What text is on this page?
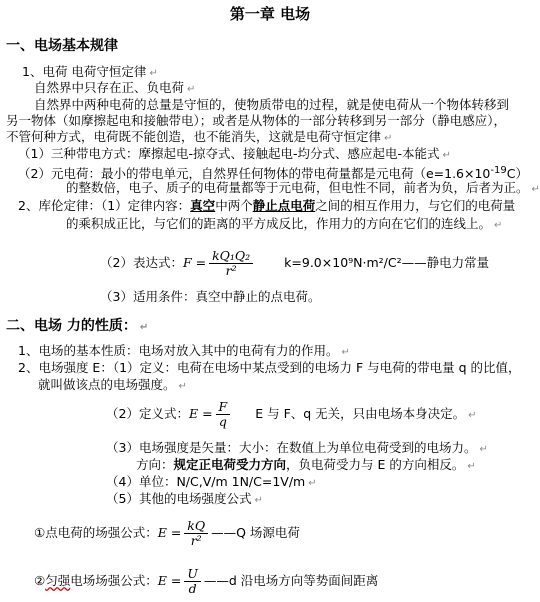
第一章 电场
一、电场基本规律
1、电荷 电荷守恒定律 ↵
自然界中只存在正、负电荷 ↵
自然界中两种电荷的总量是守恒的，使物质带电的过程，就是使电荷从一个物体转移到
另一物体（如摩擦起电和接触带电）；或者是从物体的一部分转移到另一部分（静电感应），
不管何种方式，电荷既不能创造，也不能消失，这就是电荷守恒定律 ↵
（1）三种带电方式：摩擦起电-掠夺式、接触起电-均分式、感应起电-本能式 ↵
（2）元电荷：最小的带电单元，自然界任何物体的带电荷量都是元电荷$(e=1.6\times 10^{-19}C)$
的整数倍，电子、质子的电荷量都等于元电荷，但电性不同，前者为负，后者为正。 ↵
2、库伦定律：（1）定律内容：真空中两个静止点电荷之间的相互作用力，与它们的电荷量
的乘积成正比，与它们的距离的平方成反比，作用力的方向在它们的连线上。 ↵
（2）表达式：$F = \frac{\text{kQ₁Q₂}}{\text{r²}}$ k=9.0×10⁹N·m²/C²——静电力常量
（3）适用条件：真空中静止的点电荷。
二、电场 力的性质： ↵
1、电场的基本性质：电场对放入其中的电荷有力的作用。 ↵
2、电场强度 E：（1）定义：电荷在电场中某点受到的电场力 F 与电荷的带电量 q 的比值，
就叫做该点的电场强度。 ↵
（2）定义式：$E = \frac{F}{q}$ E 与 F、q 无关，只由电场本身决定。 ↵
（3）电场强度是矢量：大小：在数值上为单位电荷受到的电场力。 ↵
方向：规定正电荷受力方向，负电荷受力与 E 的方向相反。 ↵
（4）单位：N/C,V/m 1N/C=1V/m ↵
（5）其他的电场强度公式 ↵
①点电荷的场强公式：$E = \frac{kQ}{\text{r²}}$ ——Q 场源电荷
②匀强电场场强公式：$E = \frac{U}{d}$ ——d 沿电场方向等势面间距离
